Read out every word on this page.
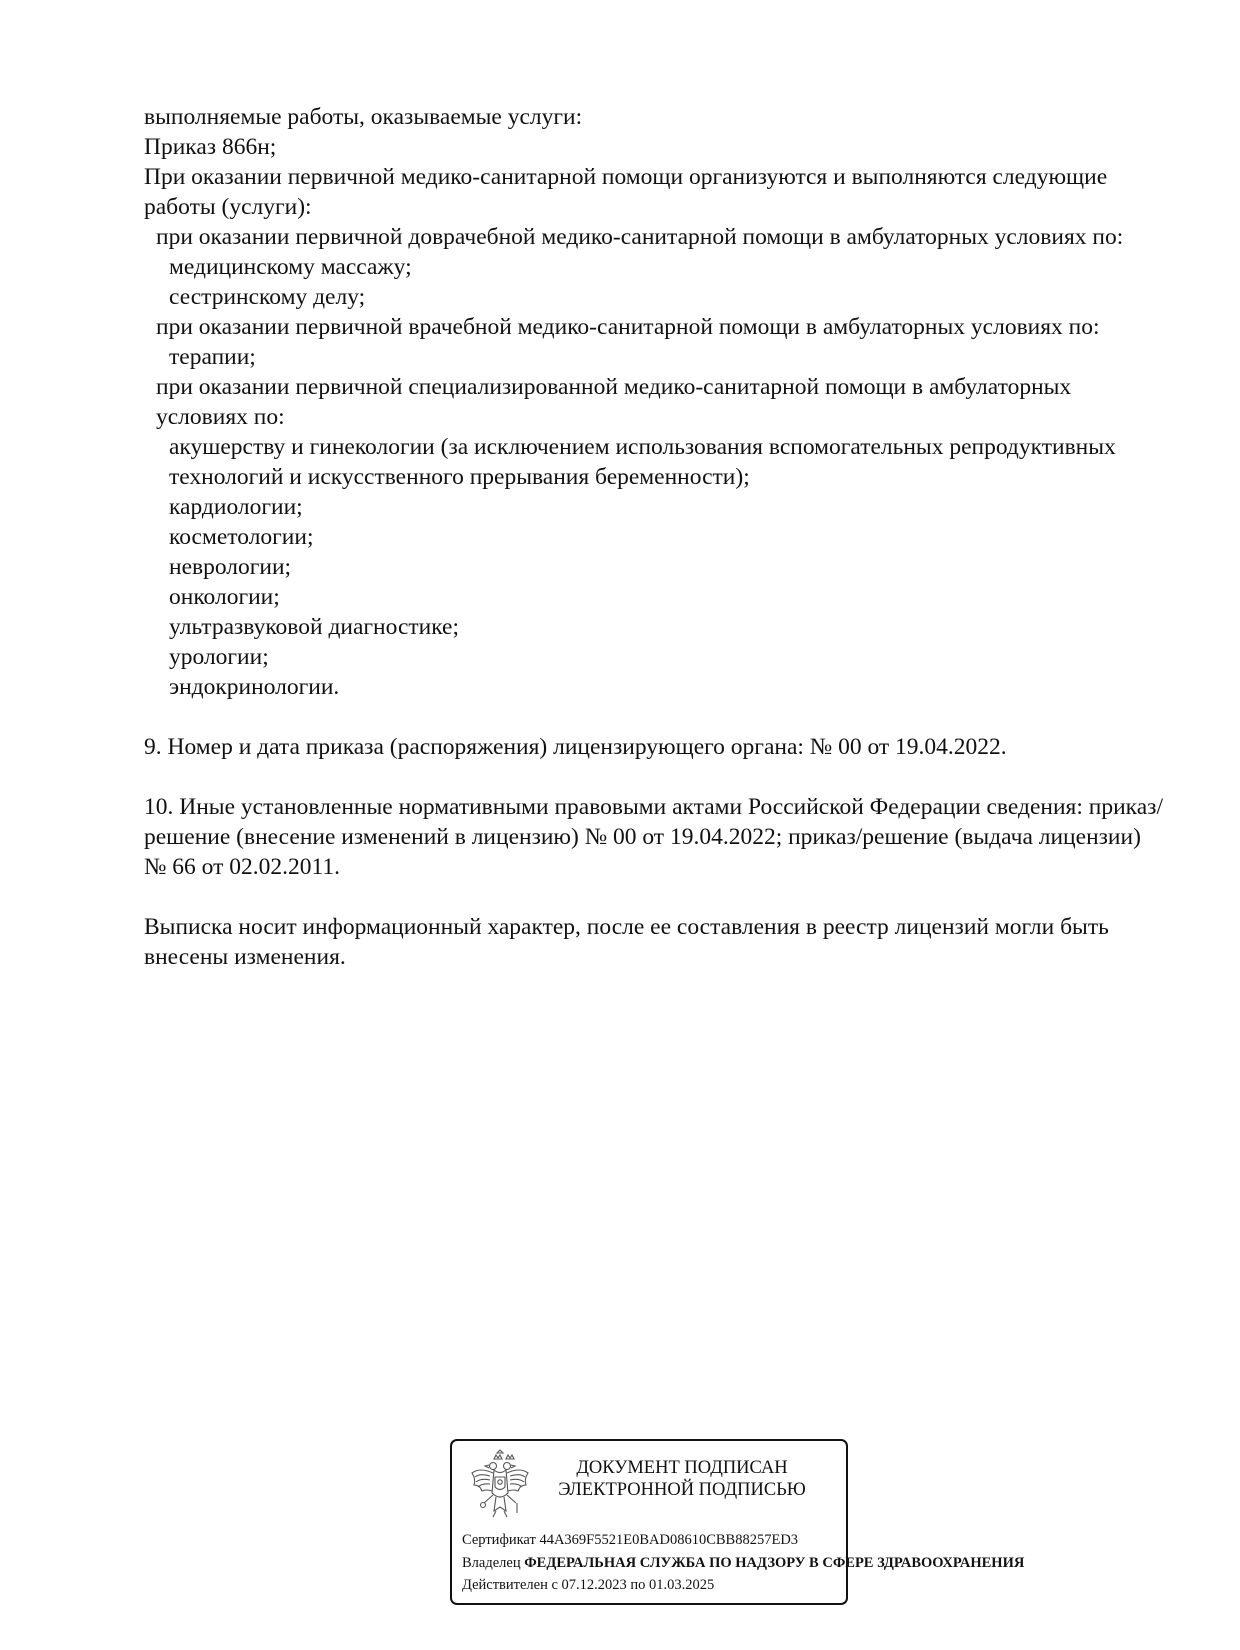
выполняемые работы, оказываемые услуги:
Приказ 866н;
При оказании первичной медико-санитарной помощи организуются и выполняются следующие работы (услуги):
при оказании первичной доврачебной медико-санитарной помощи в амбулаторных условиях по:
медицинскому массажу;
сестринскому делу;
при оказании первичной врачебной медико-санитарной помощи в амбулаторных условиях по:
терапии;
при оказании первичной специализированной медико-санитарной помощи в амбулаторных условиях по:
акушерству и гинекологии (за исключением использования вспомогательных репродуктивных технологий и искусственного прерывания беременности);
кардиологии;
косметологии;
неврологии;
онкологии;
ультразвуковой диагностике;
урологии;
эндокринологии.
9. Номер и дата приказа (распоряжения) лицензирующего органа: № 00 от 19.04.2022.
10. Иные установленные нормативными правовыми актами Российской Федерации сведения: приказ/решение (внесение изменений в лицензию) № 00 от 19.04.2022; приказ/решение (выдача лицензии) № 66 от 02.02.2011.
Выписка носит информационный характер, после ее составления в реестр лицензий могли быть внесены изменения.
ДОКУМЕНТ ПОДПИСАН
ЭЛЕКТРОННОЙ ПОДПИСЬЮ
Сертификат 44A369F5521E0BAD08610CBB88257ED3
Владелец ФЕДЕРАЛЬНАЯ СЛУЖБА ПО НАДЗОРУ В СФЕРЕ ЗДРАВООХРАНЕНИЯ
Действителен с 07.12.2023 по 01.03.2025
